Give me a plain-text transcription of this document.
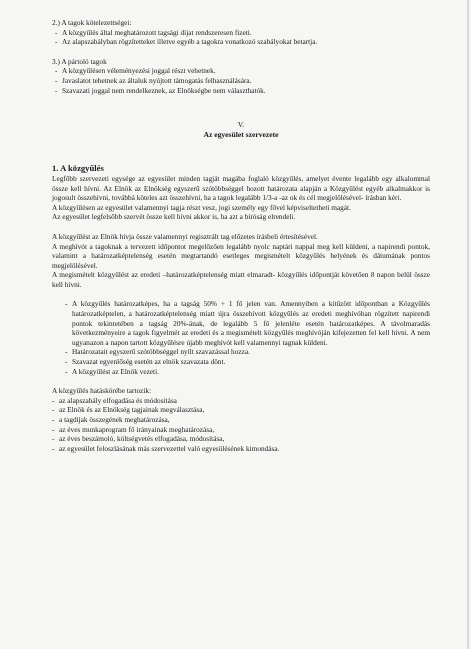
2.) A tagok kötelezettségei:

- A közgyűlés által meghatározott tagsági díjat rendszeresen fizeti.
- Az alapszabályban rögzítetteket illetve egyéb a tagokra vonatkozó szabályokat betartja.

3.) A pártoló tagok

- A közgyűlésen véleményezési joggal részt vehetnek.
- Javaslatot tehetnek az általuk nyújtott támogatás felhasználására.
- Szavazati joggal nem rendelkeznek, az Elnökségbe nem választhatók.

V.

Az egyesület szervezete

1. A közgyűlés

Legfőbb szervezeti egysége az egyesület minden tagját magába foglaló közgyűlés, amelyet évente legalább egy alkalommal össze kell hívni. Az Elnök az Elnökség egyszerű szótöbbséggel hozott határozata alapján a Közgyűlést egyéb alkalmakkor is jogosult összehívni, továbbá köteles azt összehívni, ha a tagok legalább 1/3-a -az ok és cél megjelölésével- írásban kéri.

A közgyűlésen az egyesület valamennyi tagja részt vesz, jogi személy egy fővel képviseltetheti magát.

Az egyesület legfelsőbb szervét össze kell hívni akkor is, ha azt a bíróság elrendeli.

A közgyűlést az Elnök hívja össze valamennyi regisztrált tag előzetes írásbeli értesítésével.

A meghívót a tagoknak a tervezett időpontot megelőzően legalább nyolc naptári nappal meg kell küldeni, a napirendi pontok, valamint a határozatképtelenség esetén megtartandó esetleges megismételt közgyűlés helyének és dátumának pontos megjelölésével.

A megismételt közgyűlést az eredeti –határozatképtelenség miatt elmaradt- közgyűlés időpontját követően 8 napon belül össze kell hívni.

- A közgyűlés határozatképes, ha a tagság 50% + 1 fő jelen van. Amennyiben a kitűzött időpontban a Közgyűlés határozatképtelen, a határozatképtelenség miatt újra összehívott közgyűlés az eredeti meghívóban rögzített napirendi pontok tekintetében a tagság 20%-ának, de legalább 5 fő jelenléte esetén határozatképes. A távolmaradás következményeire a tagok figyelmét az eredeti és a megismételt közgyűlés meghívóján kifejezetten fel kell hívni. A nem ugyanazon a napon tartott közgyűlésre újabb meghívót kell valamennyi tagnak küldeni.
- Határozatait egyszerű szótöbbséggel nyílt szavazással hozza.
- Szavazat egyenlőség esetén az elnök szavazata dönt.
- A közgyűlést az Elnök vezeti.

A közgyűlés hatáskörébe tartozik:

- az alapszabály elfogadása és módosítása
- az Elnök és az Elnökség tagjainak megválasztása,
- a tagdíjak összegének meghatározása,
- az éves munkaprogram fő irányainak meghatározása,
- az éves beszámoló, költségvetés elfogadása, módosítása,
- az egyesület feloszlásának más szervezettel való egyesülésének kimondása.
